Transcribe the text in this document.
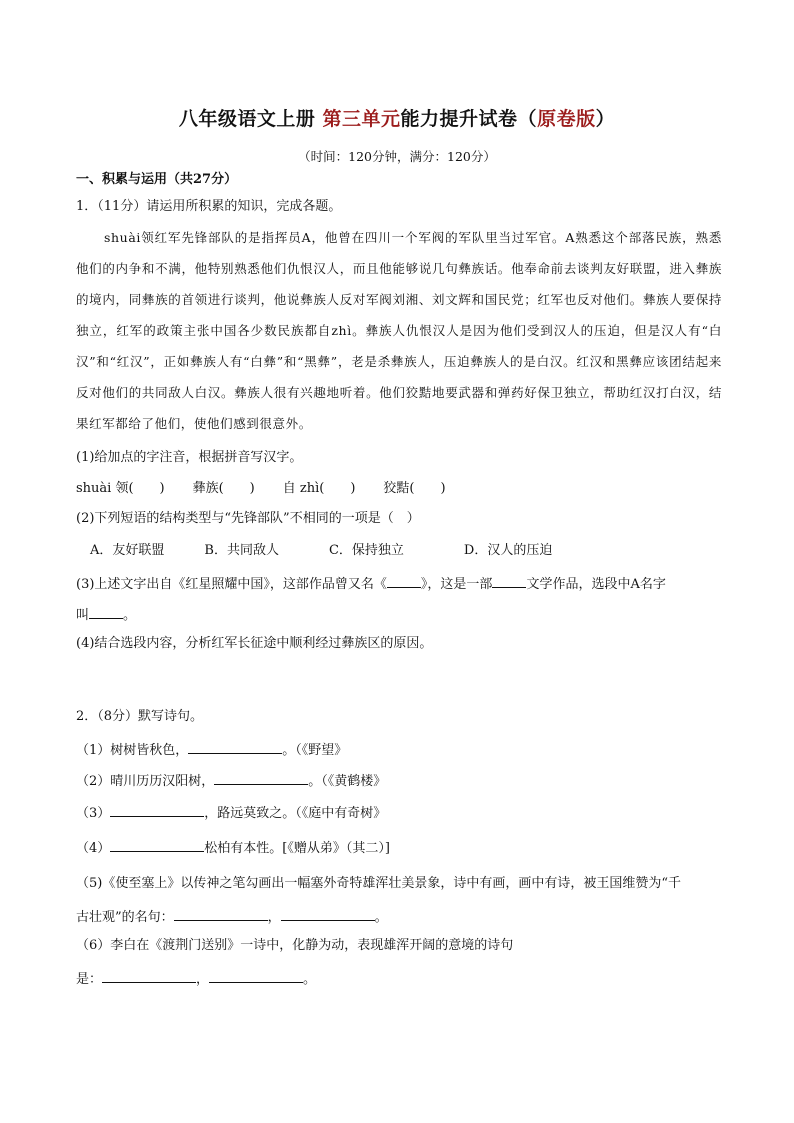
八年级语文上册 第三单元能力提升试卷（原卷版）
（时间：120分钟，满分：120分）
一、积累与运用（共27分）
1．（11分）请运用所积累的知识，完成各题。
shuài领红军先锋部队的是指挥员A，他曾在四川一个军阀的军队里当过军官。A熟悉这个部落民族，熟悉他们的内争和不满，他特别熟悉他们仇恨汉人，而且他能够说几句彝族话。他奉命前去谈判友好联盟，进入彝族的境内，同彝族的首领进行谈判，他说彝族人反对军阀刘湘、刘文辉和国民党；红军也反对他们。彝族人要保持独立，红军的政策主张中国各少数民族都自zhì。彝族人仇恨汉人是因为他们受到汉人的压迫，但是汉人有“白汉”和“红汉”，正如彝族人有“白彝”和“黑彝”，老是杀彝族人，压迫彝族人的是白汉。红汉和黑彝应该团结起来反对他们的共同敌人白汉。彝族人很有兴趣地听着。他们狡黠地要武器和弹药好保卫独立，帮助红汉打白汉，结果红军都给了他们，使他们感到很意外。
(1)给加点的字注音，根据拼音写汉字。
shuài 领(　　) 彝族(　　) 自 zhì(　　) 狡黠(　　)
(2)下列短语的结构类型与“先锋部队”不相同的一项是（　）
A．友好联盟	B．共同敌人	C．保持独立	D．汉人的压迫
(3)上述文字出自《红星照耀中国》，这部作品曾又名《	》，这是一部	文学作品，选段中A名字
叫	。
(4)结合选段内容，分析红军长征途中顺利经过彝族区的原因。
2．（8分）默写诗句。
（1）树树皆秋色，	。（《野望》
（2）晴川历历汉阳树，	。（《黄鹤楼》
（3）	，路远莫致之。（《庭中有奇树》
（4）	松柏有本性。[《赠从弟》（其二）]
（5)《使至塞上》以传神之笔勾画出一幅塞外奇特雄浑壮美景象，诗中有画，画中有诗，被王国维赞为“千
古壮观”的名句：	，	。
（6）李白在《渡荆门送别》一诗中，化静为动，表现雄浑开阔的意境的诗句
是：	，	。
